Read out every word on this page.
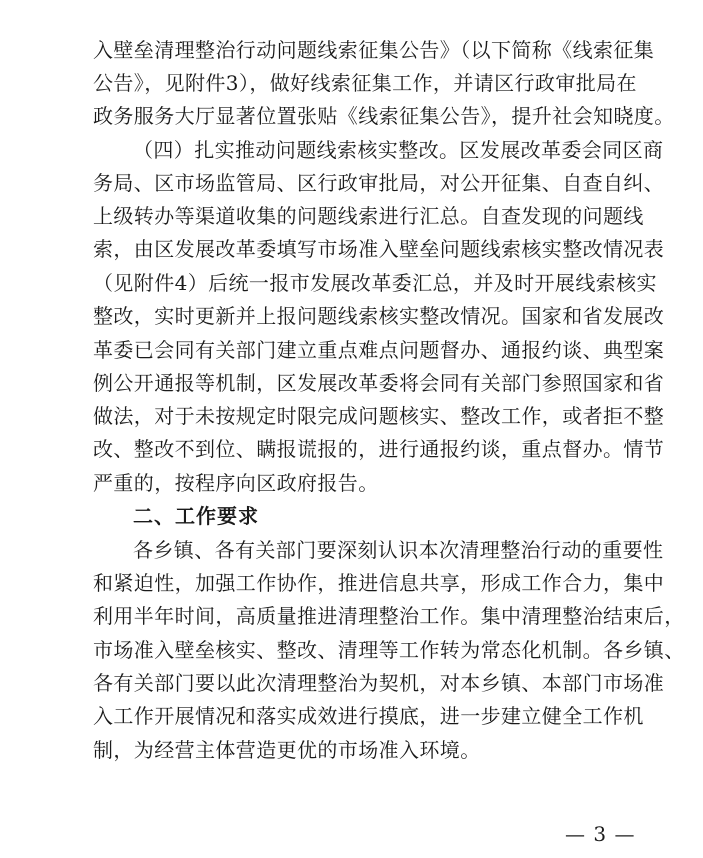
入壁垒清理整治行动问题线索征集公告》（以下简称《线索征集
公告》，见附件3），做好线索征集工作，并请区行政审批局在
政务服务大厅显著位置张贴《线索征集公告》，提升社会知晓度。
（四）扎实推动问题线索核实整改。区发展改革委会同区商
务局、区市场监管局、区行政审批局，对公开征集、自查自纠、
上级转办等渠道收集的问题线索进行汇总。自查发现的问题线
索，由区发展改革委填写市场准入壁垒问题线索核实整改情况表
（见附件4）后统一报市发展改革委汇总，并及时开展线索核实
整改，实时更新并上报问题线索核实整改情况。国家和省发展改
革委已会同有关部门建立重点难点问题督办、通报约谈、典型案
例公开通报等机制，区发展改革委将会同有关部门参照国家和省
做法，对于未按规定时限完成问题核实、整改工作，或者拒不整
改、整改不到位、瞒报谎报的，进行通报约谈，重点督办。情节
严重的，按程序向区政府报告。
二、工作要求
各乡镇、各有关部门要深刻认识本次清理整治行动的重要性
和紧迫性，加强工作协作，推进信息共享，形成工作合力，集中
利用半年时间，高质量推进清理整治工作。集中清理整治结束后，
市场准入壁垒核实、整改、清理等工作转为常态化机制。各乡镇、
各有关部门要以此次清理整治为契机，对本乡镇、本部门市场准
入工作开展情况和落实成效进行摸底，进一步建立健全工作机
制，为经营主体营造更优的市场准入环境。
— 3 —
